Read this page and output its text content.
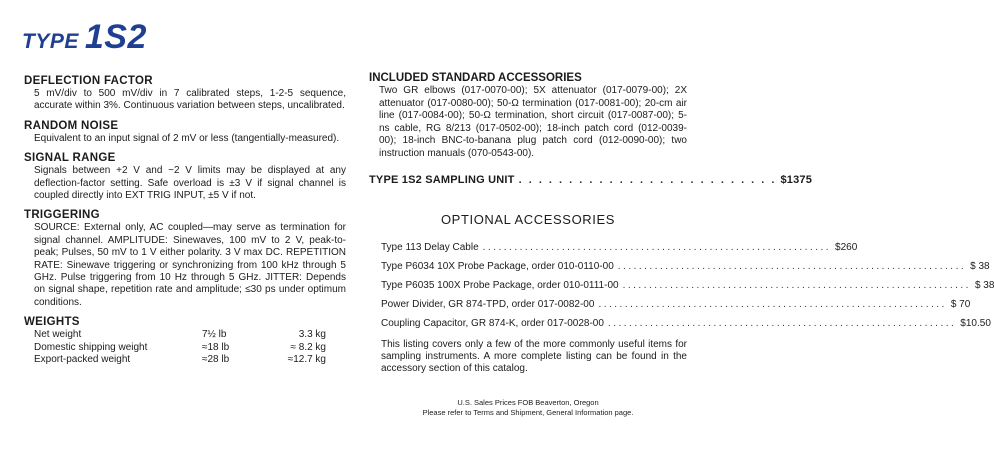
TYPE 1S2

DEFLECTION FACTOR

5 mV/div to 500 mV/div in 7 calibrated steps, 1-2-5 sequence, accurate within 3%. Continuous variation between steps, uncalibrated.

RANDOM NOISE

Equivalent to an input signal of 2 mV or less (tangentially-measured).

SIGNAL RANGE

Signals between +2 V and −2 V limits may be displayed at any deflection-factor setting. Safe overload is ±3 V if signal channel is coupled directly into EXT TRIG INPUT, ±5 V if not.

TRIGGERING

SOURCE: External only, AC coupled—may serve as termination for signal channel. AMPLITUDE: Sinewaves, 100 mV to 2 V, peak-to-peak; Pulses, 50 mV to 1 V either polarity. 3 V max DC. REPETITION RATE: Sinewave triggering or synchronizing from 100 kHz through 5 GHz. Pulse triggering from 10 Hz through 5 GHz. JITTER: Depends on signal shape, repetition rate and amplitude; ≤30 ps under optimum conditions.

WEIGHTS

Net weight	7½ lb	3.3 kg
Domestic shipping weight	≈18 lb	≈ 8.2 kg
Export-packed weight	≈28 lb	≈12.7 kg

INCLUDED STANDARD ACCESSORIES

Two GR elbows (017-0070-00); 5X attenuator (017-0079-00); 2X attenuator (017-0080-00); 50-Ω termination (017-0081-00); 20-cm air line (017-0084-00); 50-Ω termination, short circuit (017-0087-00); 5-ns cable, RG 8/213 (017-0502-00); 18-inch patch cord (012-0039-00); 18-inch BNC-to-banana plug patch cord (012-0090-00); two instruction manuals (070-0543-00).

TYPE 1S2 SAMPLING UNIT . . . . . . . . . . . . . . . . . . . . . . . . . . $1375
OPTIONAL ACCESSORIES
Type 113 Delay Cable .................................................................. $260
Type P6034 10X Probe Package, order 010-0110-00 .................................................................. $ 38
Type P6035 100X Probe Package, order 010-0111-00 .................................................................. $ 38
Power Divider, GR 874-TPD, order 017-0082-00 .................................................................. $ 70
Coupling Capacitor, GR 874-K, order 017-0028-00 .................................................................. $10.50

This listing covers only a few of the more commonly useful items for sampling instruments. A more complete listing can be found in the accessory section of this catalog.

U.S. Sales Prices FOB Beaverton, Oregon
Please refer to Terms and Shipment, General Information page.
